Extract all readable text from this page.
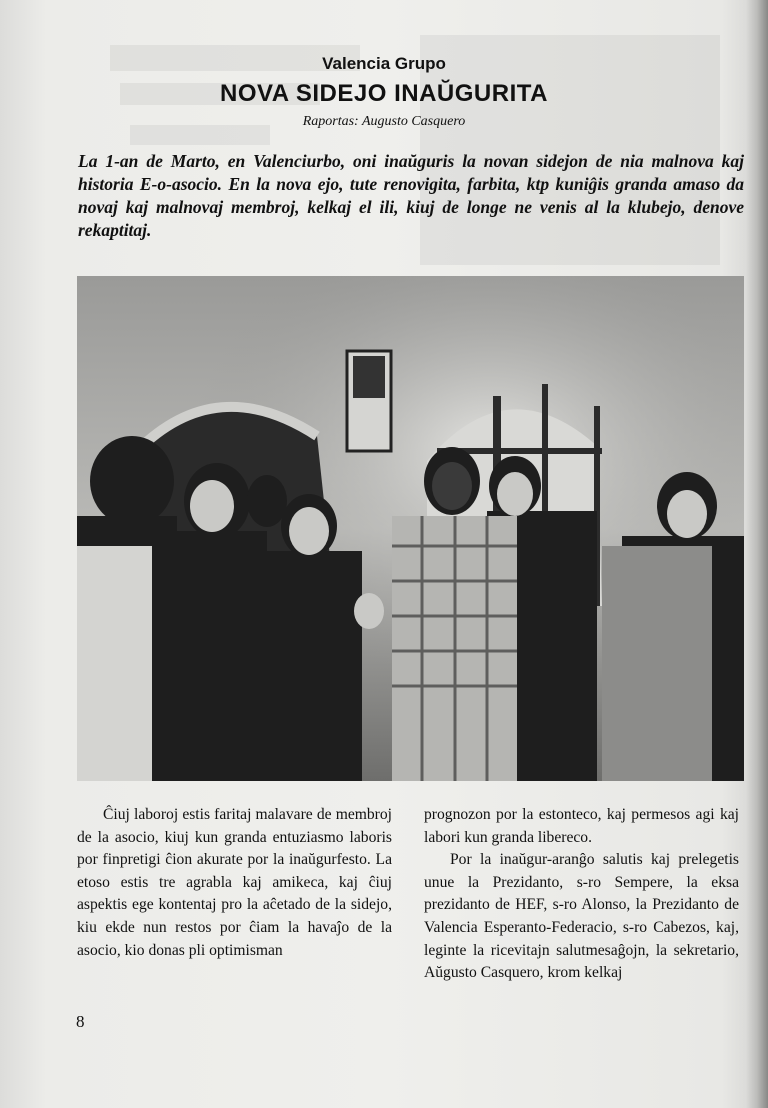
Valencia Grupo
NOVA SIDEJO INAŬGURITA
Raportas: Augusto Casquero
La 1-an de Marto, en Valenciurbo, oni inaŭguris la novan sidejon de nia malnova kaj historia E-o-asocio. En la nova ejo, tute renovigita, farbita, ktp kuniĝis granda amaso da novaj kaj malnovaj membroj, kelkaj el ili, kiuj de longe ne venis al la klubejo, denove rekaptitaj.

Ĉiuj laboroj estis faritaj malavare de membroj de la asocio, kiuj kun granda entuziasmo laboris por finpretigi ĉion akurate por la inaŭgurfesto. La etoso estis tre agrabla kaj amikeca, kaj ĉiuj aspektis ege kontentaj pro la aĉetado de la sidejo, kiu ekde nun restos por ĉiam la havaĵo de la asocio, kio donas pli optimisman

prognozon por la estonteco, kaj permesos agi kaj labori kun granda libereco.

Por la inaŭgur-aranĝo salutis kaj prelegetis unue la Prezidanto, s-ro Sempere, la eksa prezidanto de HEF, s-ro Alonso, la Prezidanto de Valencia Esperanto-Federacio, s-ro Cabezos, kaj, leginte la ricevitajn salutmesaĝojn, la sekretario, Aŭgusto Casquero, krom kelkaj

8
